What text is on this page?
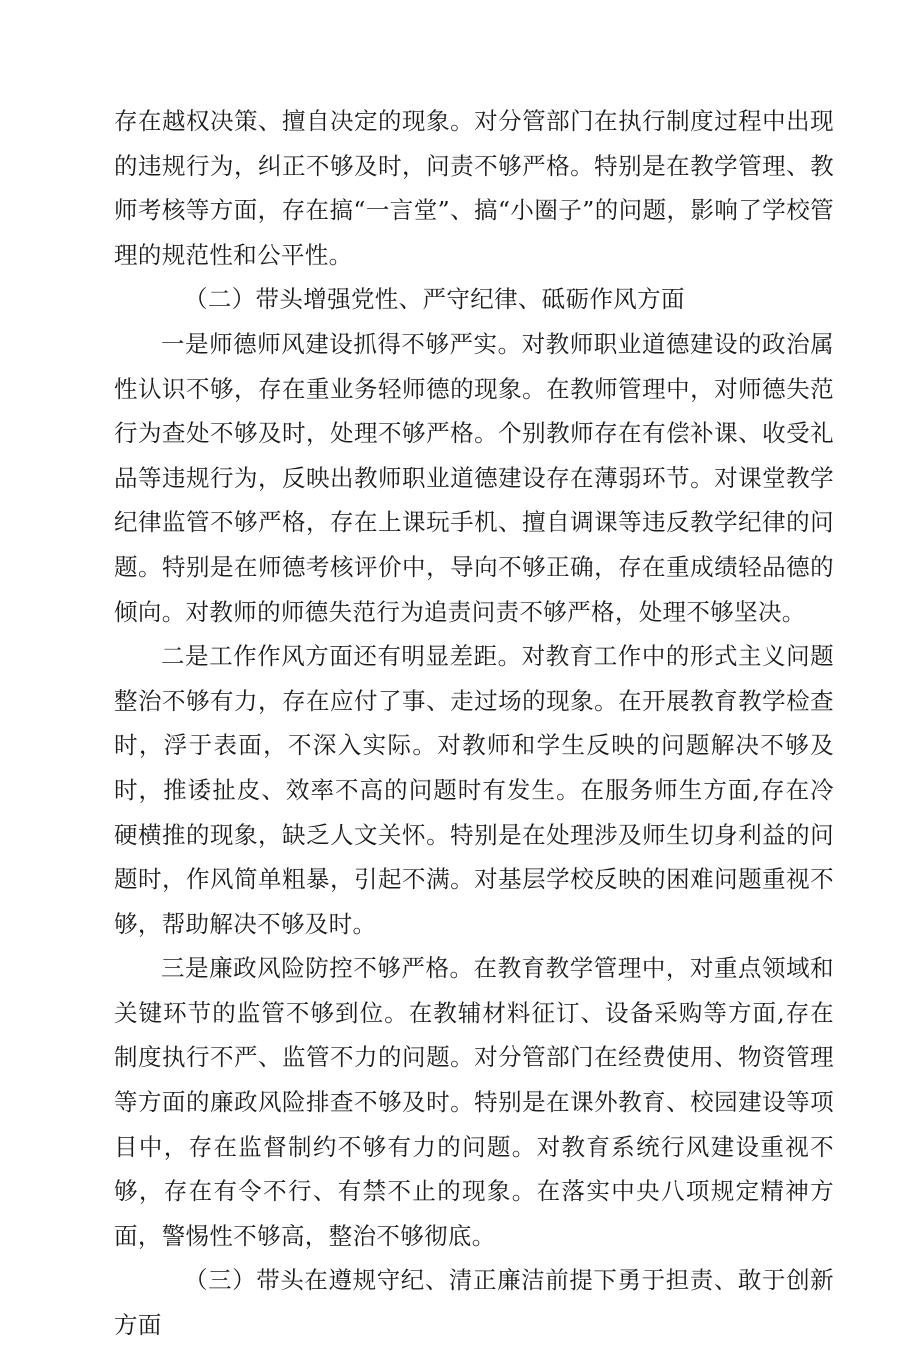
存在越权决策、擅自决定的现象。对分管部门在执行制度过程中出现的违规行为，纠正不够及时，问责不够严格。特别是在教学管理、教师考核等方面，存在搞“一言堂”、搞“小圈子”的问题，影响了学校管理的规范性和公平性。

（二）带头增强党性、严守纪律、砥砺作风方面

一是师德师风建设抓得不够严实。对教师职业道德建设的政治属性认识不够，存在重业务轻师德的现象。在教师管理中，对师德失范行为查处不够及时，处理不够严格。个别教师存在有偿补课、收受礼品等违规行为，反映出教师职业道德建设存在薄弱环节。对课堂教学纪律监管不够严格，存在上课玩手机、擅自调课等违反教学纪律的问题。特别是在师德考核评价中，导向不够正确，存在重成绩轻品德的倾向。对教师的师德失范行为追责问责不够严格，处理不够坚决。

二是工作作风方面还有明显差距。对教育工作中的形式主义问题整治不够有力，存在应付了事、走过场的现象。在开展教育教学检查时，浮于表面，不深入实际。对教师和学生反映的问题解决不够及时，推诿扯皮、效率不高的问题时有发生。在服务师生方面,存在冷硬横推的现象，缺乏人文关怀。特别是在处理涉及师生切身利益的问题时，作风简单粗暴，引起不满。对基层学校反映的困难问题重视不够，帮助解决不够及时。

三是廉政风险防控不够严格。在教育教学管理中，对重点领域和关键环节的监管不够到位。在教辅材料征订、设备采购等方面,存在制度执行不严、监管不力的问题。对分管部门在经费使用、物资管理等方面的廉政风险排查不够及时。特别是在课外教育、校园建设等项目中，存在监督制约不够有力的问题。对教育系统行风建设重视不够，存在有令不行、有禁不止的现象。在落实中央八项规定精神方面，警惕性不够高，整治不够彻底。

（三）带头在遵规守纪、清正廉洁前提下勇于担责、敢于创新方面
